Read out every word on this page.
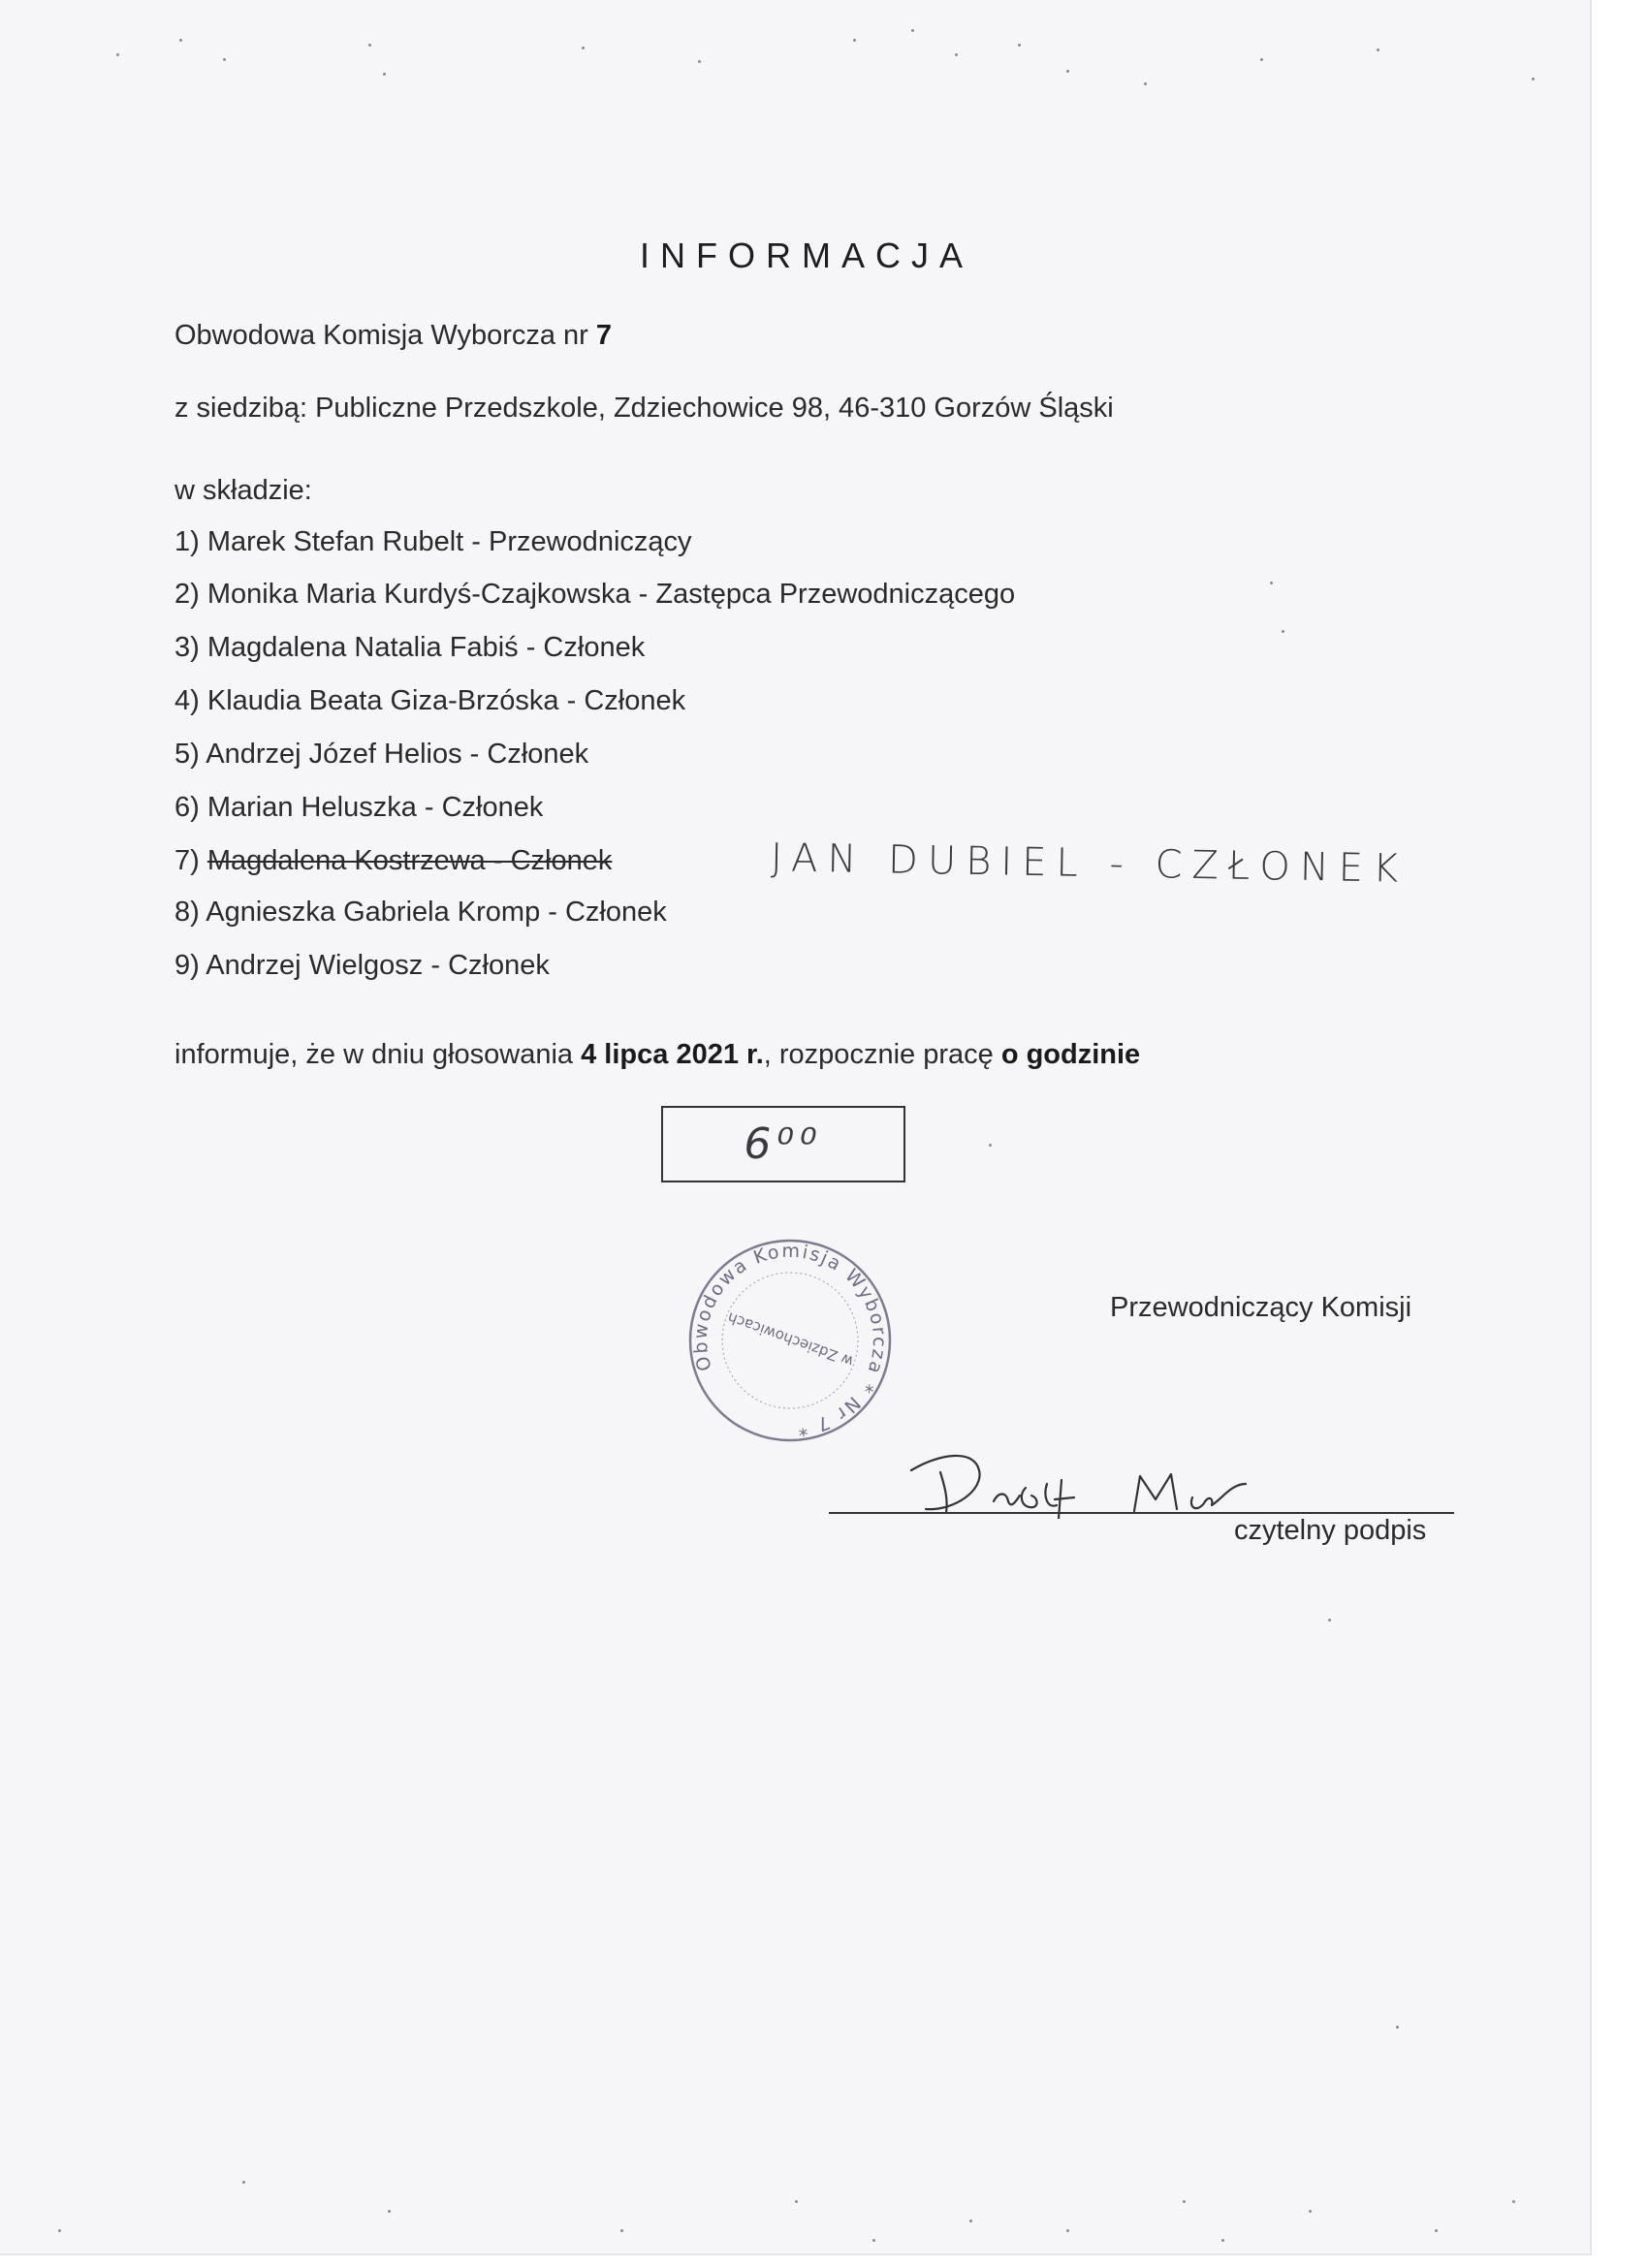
INFORMACJA
Obwodowa Komisja Wyborcza nr 7
z siedzibą: Publiczne Przedszkole, Zdziechowice 98, 46-310 Gorzów Śląski
w składzie:
1) Marek Stefan Rubelt - Przewodniczący
2) Monika Maria Kurdyś-Czajkowska - Zastępca Przewodniczącego
3) Magdalena Natalia Fabiś - Członek
4) Klaudia Beata Giza-Brzóska - Członek
5) Andrzej Józef Helios - Członek
6) Marian Heluszka - Członek
7) Magdalena Kostrzewa - Członek
8) Agnieszka Gabriela Kromp - Członek
9) Andrzej Wielgosz - Członek
JAN DUBIEL - CZŁONEK
informuje, że w dniu głosowania 4 lipca 2021 r., rozpocznie pracę o godzinie
6⁰⁰
Obwodowa Komisja Wyborcza * Nr 7 *
w Zdziechowicach
Przewodniczący Komisji
czytelny podpis
